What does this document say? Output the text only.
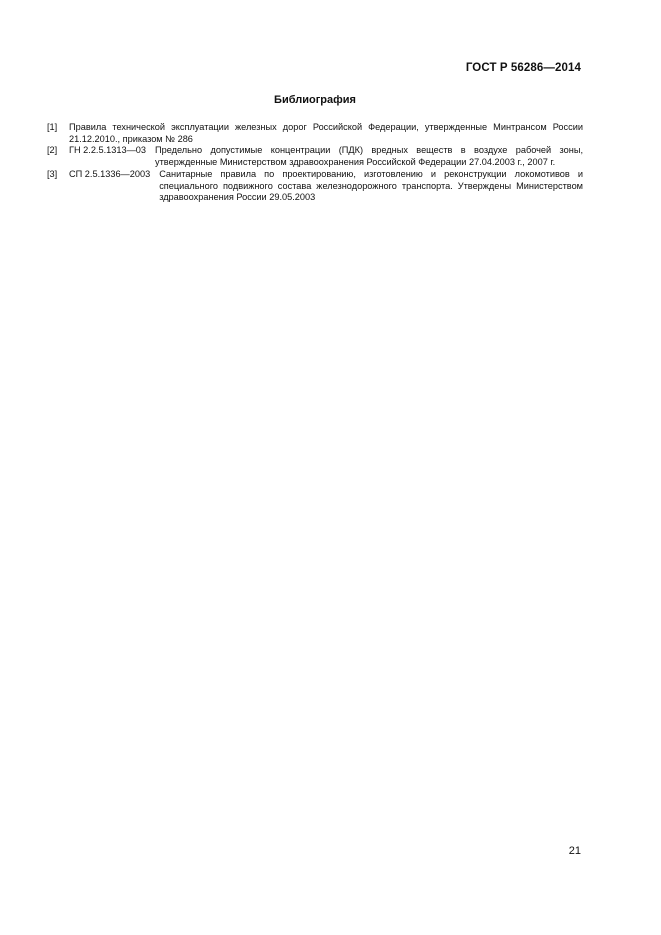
ГОСТ Р 56286—2014
Библиография
[1]	Правила технической эксплуатации железных дорог Российской Федерации, утвержденные Минтрансом России 21.12.2010., приказом № 286
[2]	ГН 2.2.5.1313—03 Предельно допустимые концентрации (ПДК) вредных веществ в воздухе рабочей зоны, утвержденные Министерством здравоохранения Российской Федерации 27.04.2003 г., 2007 г.
[3]	СП 2.5.1336—2003 Санитарные правила по проектированию, изготовлению и реконструкции локомотивов и специального подвижного состава железнодорожного транспорта. Утверждены Министерством здравоохранения России 29.05.2003
21
